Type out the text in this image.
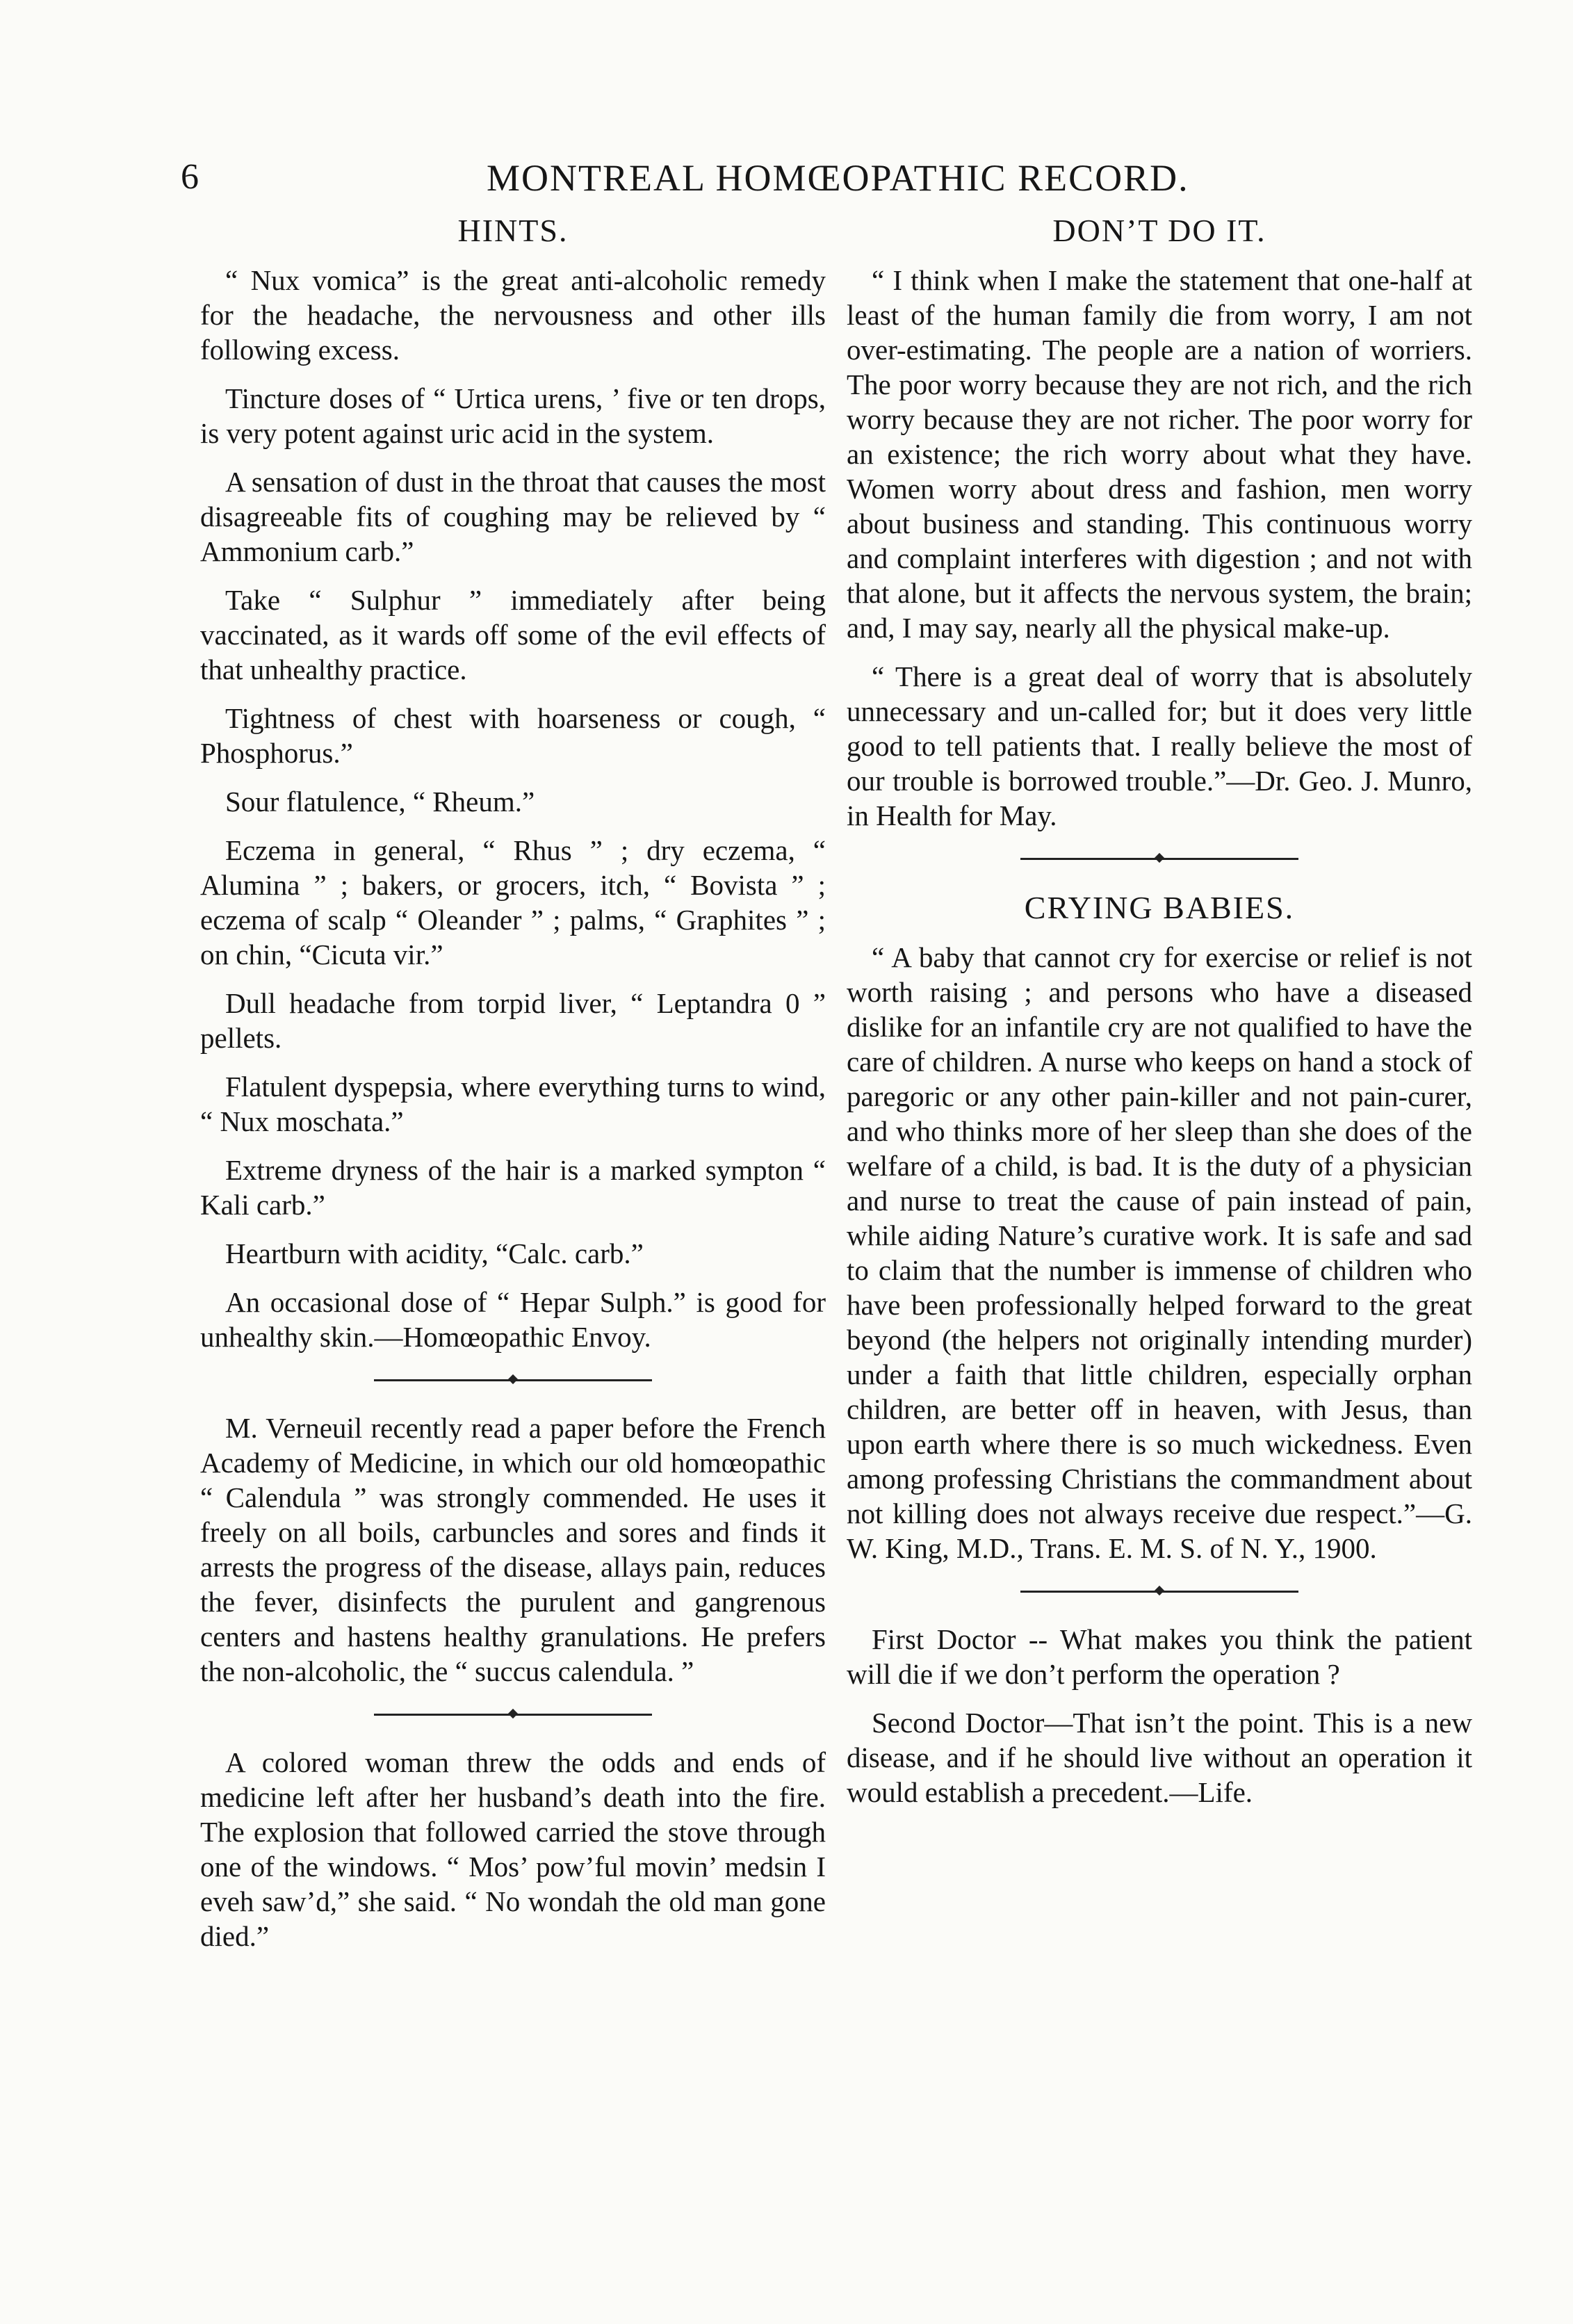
6	MONTREAL HOMŒOPATHIC RECORD.
HINTS.

“ Nux vomica” is the great anti-alcoholic remedy for the headache, the nervousness and other ills following excess.

Tincture doses of “ Urtica urens, ’ five or ten drops, is very potent against uric acid in the system.

A sensation of dust in the throat that causes the most disagreeable fits of coughing may be relieved by “ Ammonium carb.”

Take “ Sulphur ” immediately after being vaccinated, as it wards off some of the evil effects of that unhealthy practice.

Tightness of chest with hoarseness or cough, “ Phosphorus.”

Sour flatulence, “ Rheum.”

Eczema in general, “ Rhus ” ; dry eczema, “ Alumina ” ; bakers, or grocers, itch, “ Bovista ” ; eczema of scalp “ Oleander ” ; palms, “ Graphites ” ; on chin, “Cicuta vir.”

Dull headache from torpid liver, “ Leptandra 0 ” pellets.

Flatulent dyspepsia, where everything turns to wind, “ Nux moschata.”

Extreme dryness of the hair is a marked sympton “ Kali carb.”

Heartburn with acidity, “Calc. carb.”

An occasional dose of “ Hepar Sulph.” is good for unhealthy skin.—Homœopathic Envoy.

M. Verneuil recently read a paper before the French Academy of Medicine, in which our old homœopathic “ Calendula ” was strongly commended. He uses it freely on all boils, carbuncles and sores and finds it arrests the progress of the disease, allays pain, reduces the fever, disinfects the purulent and gangrenous centers and hastens healthy granulations. He prefers the non-alcoholic, the “ succus calendula. ”

A colored woman threw the odds and ends of medicine left after her husband’s death into the fire. The explosion that followed carried the stove through one of the windows. “ Mos’ pow’ful movin’ medsin I eveh saw’d,” she said. “ No wondah the old man gone died.”

DON’T DO IT.

“ I think when I make the statement that one-half at least of the human family die from worry, I am not over-estimating. The people are a nation of worriers. The poor worry because they are not rich, and the rich worry because they are not richer. The poor worry for an existence; the rich worry about what they have. Women worry about dress and fashion, men worry about business and standing. This continuous worry and complaint interferes with digestion ; and not with that alone, but it affects the nervous system, the brain; and, I may say, nearly all the physical make-up.

“ There is a great deal of worry that is absolutely unnecessary and un-called for; but it does very little good to tell patients that. I really believe the most of our trouble is borrowed trouble.”—Dr. Geo. J. Munro, in Health for May.

CRYING BABIES.

“ A baby that cannot cry for exercise or relief is not worth raising ; and persons who have a diseased dislike for an infantile cry are not qualified to have the care of children. A nurse who keeps on hand a stock of paregoric or any other pain-killer and not pain-curer, and who thinks more of her sleep than she does of the welfare of a child, is bad. It is the duty of a physician and nurse to treat the cause of pain instead of pain, while aiding Nature’s curative work. It is safe and sad to claim that the number is immense of children who have been professionally helped forward to the great beyond (the helpers not originally intending murder) under a faith that little children, especially orphan children, are better off in heaven, with Jesus, than upon earth where there is so much wickedness. Even among professing Christians the commandment about not killing does not always receive due respect.”—G. W. King, M.D., Trans. E. M. S. of N. Y., 1900.

First Doctor -- What makes you think the patient will die if we don’t perform the operation ?

Second Doctor—That isn’t the point. This is a new disease, and if he should live without an operation it would establish a precedent.—Life.
